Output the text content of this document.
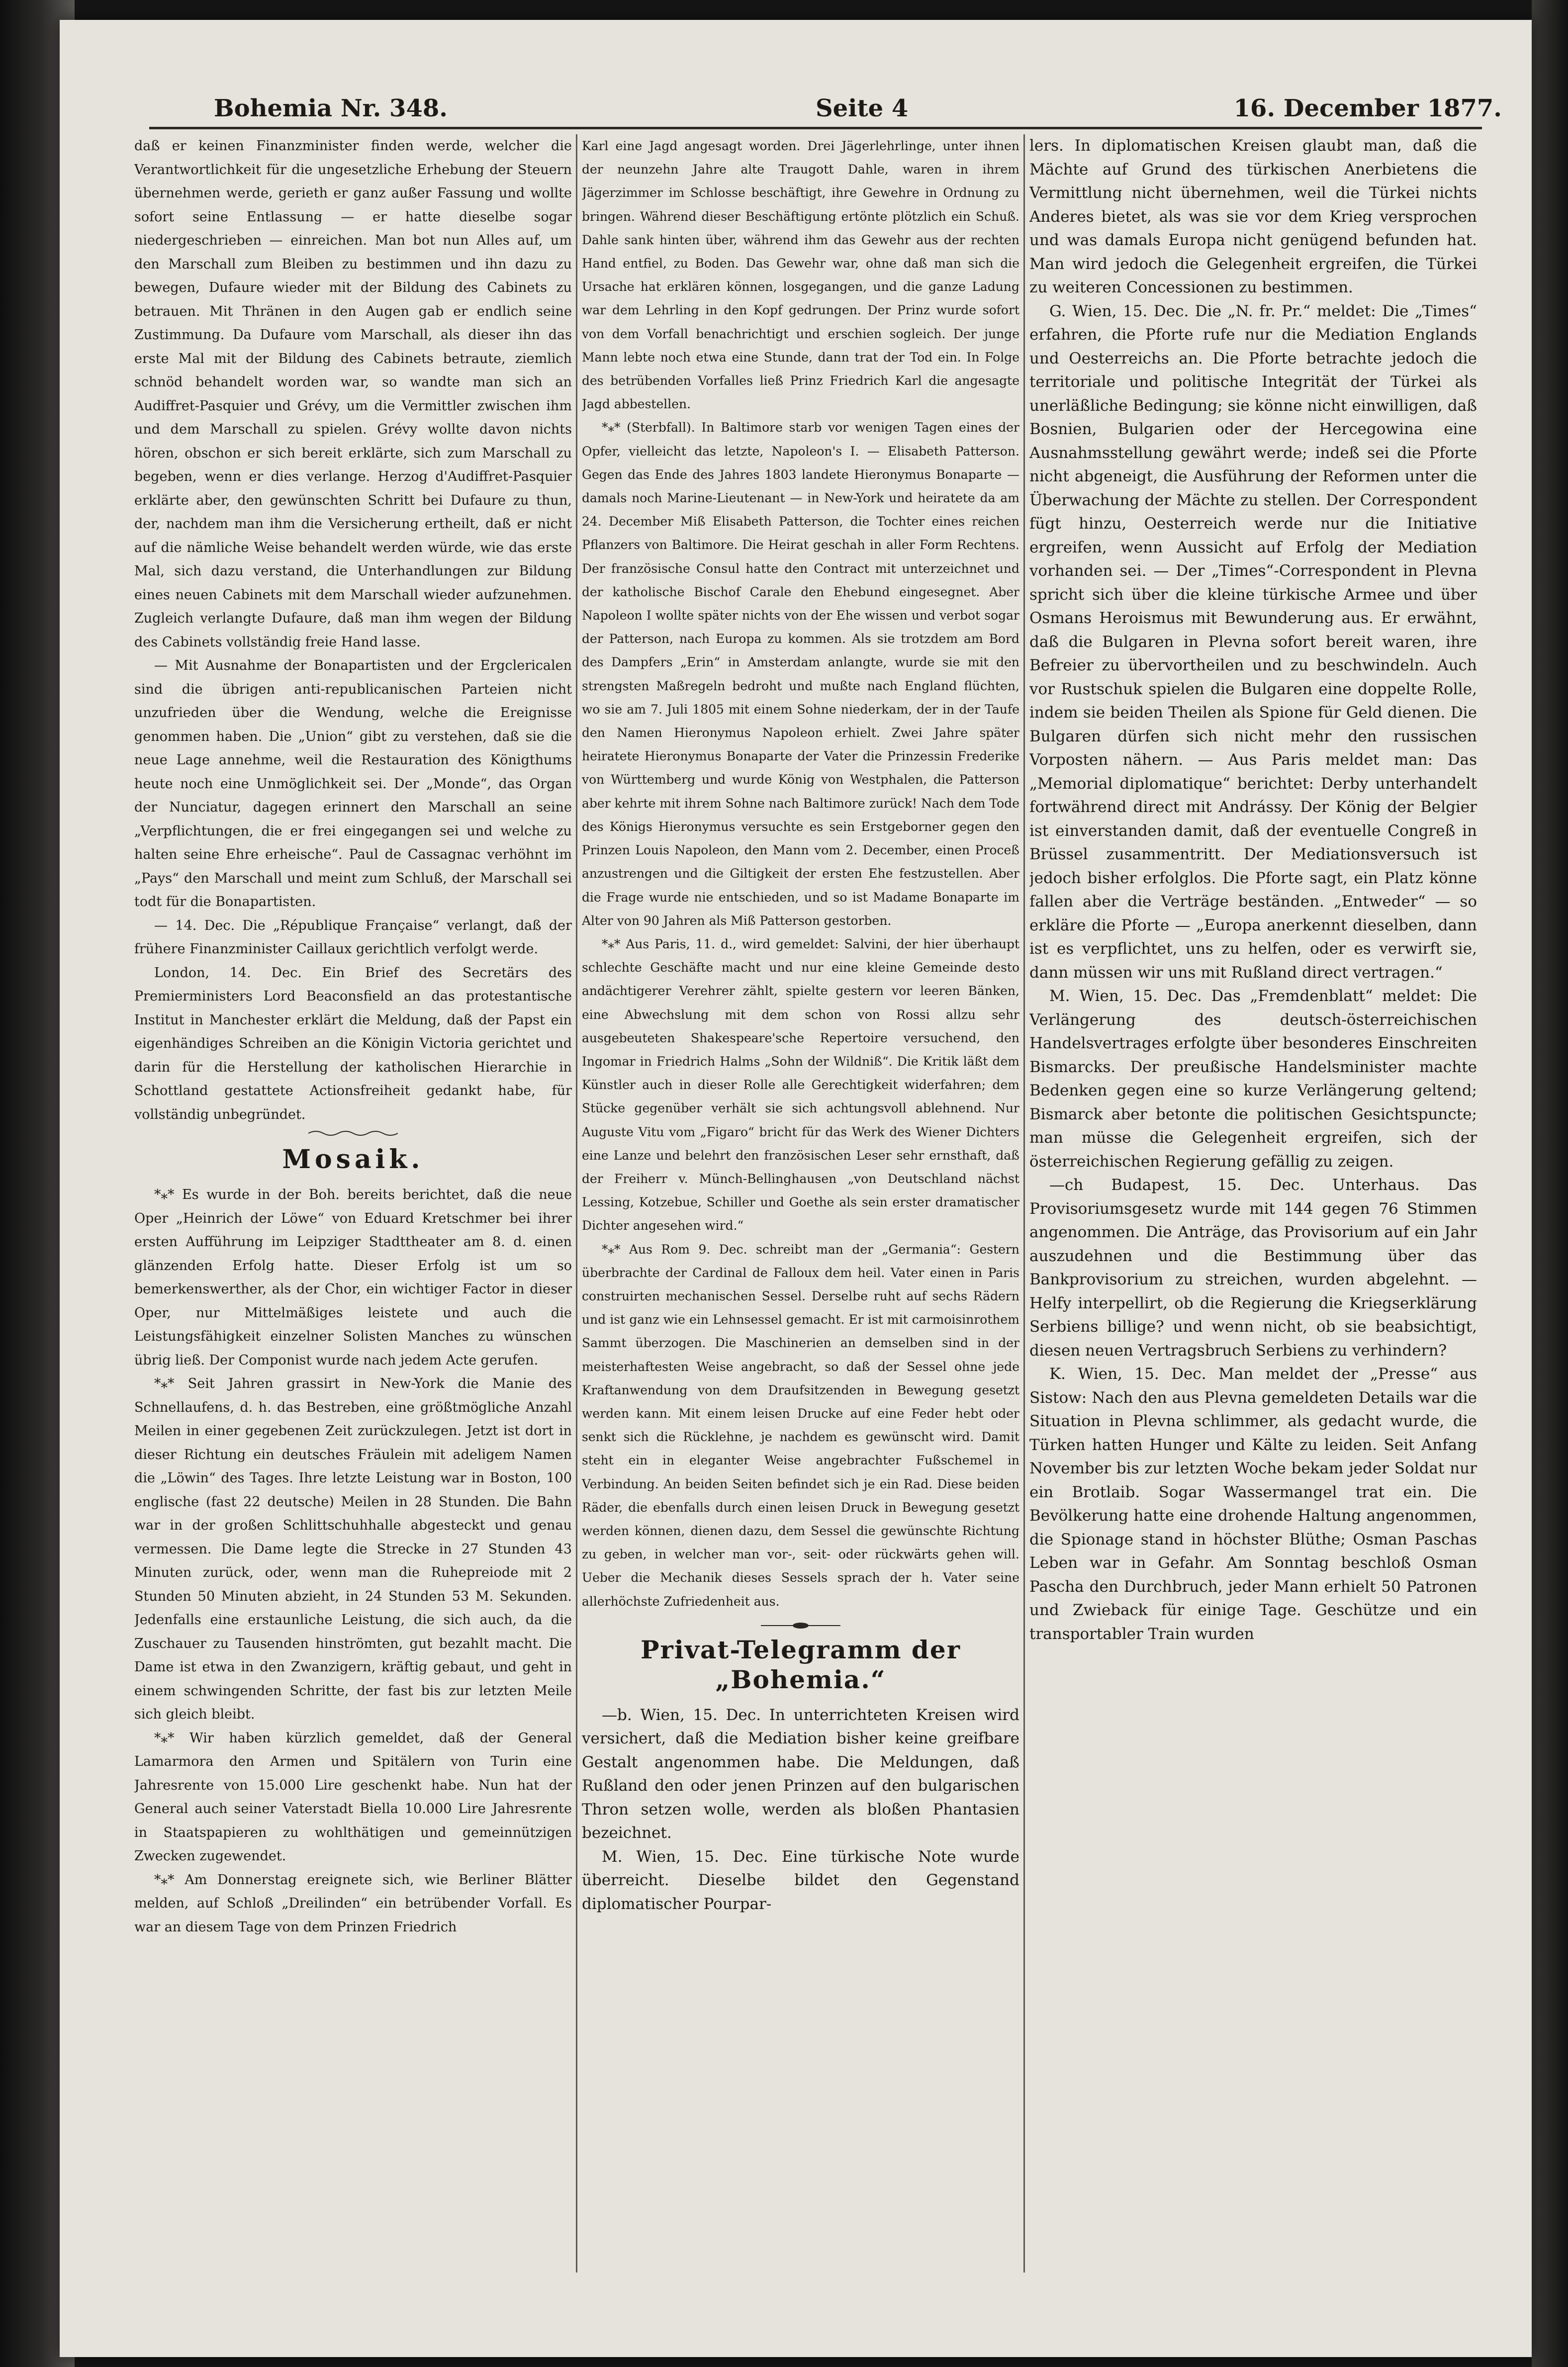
Bohemia Nr. 348.	Seite 4	16. December 1877.

daß er keinen Finanzminister finden werde, welcher die Verantwortlichkeit für die ungesetzliche Erhebung der Steuern übernehmen werde, gerieth er ganz außer Fassung und wollte sofort seine Entlassung — er hatte dieselbe sogar niedergeschrieben — einreichen. Man bot nun Alles auf, um den Marschall zum Bleiben zu bestimmen und ihn dazu zu bewegen, Dufaure wieder mit der Bildung des Cabinets zu betrauen. Mit Thränen in den Augen gab er endlich seine Zustimmung. Da Dufaure vom Marschall, als dieser ihn das erste Mal mit der Bildung des Cabinets betraute, ziemlich schnöd behandelt worden war, so wandte man sich an Audiffret-Pasquier und Grévy, um die Vermittler zwischen ihm und dem Marschall zu spielen. Grévy wollte davon nichts hören, obschon er sich bereit erklärte, sich zum Marschall zu begeben, wenn er dies verlange. Herzog d'Audiffret-Pasquier erklärte aber, den gewünschten Schritt bei Dufaure zu thun, der, nachdem man ihm die Versicherung ertheilt, daß er nicht auf die nämliche Weise behandelt werden würde, wie das erste Mal, sich dazu verstand, die Unterhandlungen zur Bildung eines neuen Cabinets mit dem Marschall wieder aufzunehmen. Zugleich verlangte Dufaure, daß man ihm wegen der Bildung des Cabinets vollständig freie Hand lasse.

— Mit Ausnahme der Bonapartisten und der Ergclericalen sind die übrigen anti-republicanischen Parteien nicht unzufrieden über die Wendung, welche die Ereignisse genommen haben. Die „Union“ gibt zu verstehen, daß sie die neue Lage annehme, weil die Restauration des Königthums heute noch eine Unmöglichkeit sei. Der „Monde“, das Organ der Nunciatur, dagegen erinnert den Marschall an seine „Verpflichtungen, die er frei eingegangen sei und welche zu halten seine Ehre erheische“. Paul de Cassagnac verhöhnt im „Pays“ den Marschall und meint zum Schluß, der Marschall sei todt für die Bonapartisten.

— 14. Dec. Die „République Française“ verlangt, daß der frühere Finanzminister Caillaux gerichtlich verfolgt werde.

London, 14. Dec. Ein Brief des Secretärs des Premierministers Lord Beaconsfield an das protestantische Institut in Manchester erklärt die Meldung, daß der Papst ein eigenhändiges Schreiben an die Königin Victoria gerichtet und darin für die Herstellung der katholischen Hierarchie in Schottland gestattete Actionsfreiheit gedankt habe, für vollständig unbegründet.

Mosaik.

*⁎* Es wurde in der Boh. bereits berichtet, daß die neue Oper „Heinrich der Löwe“ von Eduard Kretschmer bei ihrer ersten Aufführung im Leipziger Stadttheater am 8. d. einen glänzenden Erfolg hatte. Dieser Erfolg ist um so bemerkenswerther, als der Chor, ein wichtiger Factor in dieser Oper, nur Mittelmäßiges leistete und auch die Leistungsfähigkeit einzelner Solisten Manches zu wünschen übrig ließ. Der Componist wurde nach jedem Acte gerufen.

*⁎* Seit Jahren grassirt in New-York die Manie des Schnellaufens, d. h. das Bestreben, eine größtmögliche Anzahl Meilen in einer gegebenen Zeit zurückzulegen. Jetzt ist dort in dieser Richtung ein deutsches Fräulein mit adeligem Namen die „Löwin“ des Tages. Ihre letzte Leistung war in Boston, 100 englische (fast 22 deutsche) Meilen in 28 Stunden. Die Bahn war in der großen Schlittschuhhalle abgesteckt und genau vermessen. Die Dame legte die Strecke in 27 Stunden 43 Minuten zurück, oder, wenn man die Ruhepreiode mit 2 Stunden 50 Minuten abzieht, in 24 Stunden 53 M. Sekunden. Jedenfalls eine erstaunliche Leistung, die sich auch, da die Zuschauer zu Tausenden hinströmten, gut bezahlt macht. Die Dame ist etwa in den Zwanzigern, kräftig gebaut, und geht in einem schwingenden Schritte, der fast bis zur letzten Meile sich gleich bleibt.

*⁎* Wir haben kürzlich gemeldet, daß der General Lamarmora den Armen und Spitälern von Turin eine Jahresrente von 15.000 Lire geschenkt habe. Nun hat der General auch seiner Vaterstadt Biella 10.000 Lire Jahresrente in Staatspapieren zu wohlthätigen und gemeinnützigen Zwecken zugewendet.

*⁎* Am Donnerstag ereignete sich, wie Berliner Blätter melden, auf Schloß „Dreilinden“ ein betrübender Vorfall. Es war an diesem Tage von dem Prinzen Friedrich

Karl eine Jagd angesagt worden. Drei Jägerlehrlinge, unter ihnen der neunzehn Jahre alte Traugott Dahle, waren in ihrem Jägerzimmer im Schlosse beschäftigt, ihre Gewehre in Ordnung zu bringen. Während dieser Beschäftigung ertönte plötzlich ein Schuß. Dahle sank hinten über, während ihm das Gewehr aus der rechten Hand entfiel, zu Boden. Das Gewehr war, ohne daß man sich die Ursache hat erklären können, losgegangen, und die ganze Ladung war dem Lehrling in den Kopf gedrungen. Der Prinz wurde sofort von dem Vorfall benachrichtigt und erschien sogleich. Der junge Mann lebte noch etwa eine Stunde, dann trat der Tod ein. In Folge des betrübenden Vorfalles ließ Prinz Friedrich Karl die angesagte Jagd abbestellen.

*⁎* (Sterbfall). In Baltimore starb vor wenigen Tagen eines der Opfer, vielleicht das letzte, Napoleon's I. — Elisabeth Patterson. Gegen das Ende des Jahres 1803 landete Hieronymus Bonaparte — damals noch Marine-Lieutenant — in New-York und heiratete da am 24. December Miß Elisabeth Patterson, die Tochter eines reichen Pflanzers von Baltimore. Die Heirat geschah in aller Form Rechtens. Der französische Consul hatte den Contract mit unterzeichnet und der katholische Bischof Carale den Ehebund eingesegnet. Aber Napoleon I wollte später nichts von der Ehe wissen und verbot sogar der Patterson, nach Europa zu kommen. Als sie trotzdem am Bord des Dampfers „Erin“ in Amsterdam anlangte, wurde sie mit den strengsten Maßregeln bedroht und mußte nach England flüchten, wo sie am 7. Juli 1805 mit einem Sohne niederkam, der in der Taufe den Namen Hieronymus Napoleon erhielt. Zwei Jahre später heiratete Hieronymus Bonaparte der Vater die Prinzessin Frederike von Württemberg und wurde König von Westphalen, die Patterson aber kehrte mit ihrem Sohne nach Baltimore zurück! Nach dem Tode des Königs Hieronymus versuchte es sein Erstgeborner gegen den Prinzen Louis Napoleon, den Mann vom 2. December, einen Proceß anzustrengen und die Giltigkeit der ersten Ehe festzustellen. Aber die Frage wurde nie entschieden, und so ist Madame Bonaparte im Alter von 90 Jahren als Miß Patterson gestorben.

*⁎* Aus Paris, 11. d., wird gemeldet: Salvini, der hier überhaupt schlechte Geschäfte macht und nur eine kleine Gemeinde desto andächtigerer Verehrer zählt, spielte gestern vor leeren Bänken, eine Abwechslung mit dem schon von Rossi allzu sehr ausgebeuteten Shakespeare'sche Repertoire versuchend, den Ingomar in Friedrich Halms „Sohn der Wildniß“. Die Kritik läßt dem Künstler auch in dieser Rolle alle Gerechtigkeit widerfahren; dem Stücke gegenüber verhält sie sich achtungsvoll ablehnend. Nur Auguste Vitu vom „Figaro“ bricht für das Werk des Wiener Dichters eine Lanze und belehrt den französischen Leser sehr ernsthaft, daß der Freiherr v. Münch-Bellinghausen „von Deutschland nächst Lessing, Kotzebue, Schiller und Goethe als sein erster dramatischer Dichter angesehen wird.“

*⁎* Aus Rom 9. Dec. schreibt man der „Germania“: Gestern überbrachte der Cardinal de Falloux dem heil. Vater einen in Paris construirten mechanischen Sessel. Derselbe ruht auf sechs Rädern und ist ganz wie ein Lehnsessel gemacht. Er ist mit carmoisinrothem Sammt überzogen. Die Maschinerien an demselben sind in der meisterhaftesten Weise angebracht, so daß der Sessel ohne jede Kraftanwendung von dem Draufsitzenden in Bewegung gesetzt werden kann. Mit einem leisen Drucke auf eine Feder hebt oder senkt sich die Rücklehne, je nachdem es gewünscht wird. Damit steht ein in eleganter Weise angebrachter Fußschemel in Verbindung. An beiden Seiten befindet sich je ein Rad. Diese beiden Räder, die ebenfalls durch einen leisen Druck in Bewegung gesetzt werden können, dienen dazu, dem Sessel die gewünschte Richtung zu geben, in welcher man vor-, seit- oder rückwärts gehen will. Ueber die Mechanik dieses Sessels sprach der h. Vater seine allerhöchste Zufriedenheit aus.

Privat-Telegramm der „Bohemia.“

—b. Wien, 15. Dec. In unterrichteten Kreisen wird versichert, daß die Mediation bisher keine greifbare Gestalt angenommen habe. Die Meldungen, daß Rußland den oder jenen Prinzen auf den bulgarischen Thron setzen wolle, werden als bloßen Phantasien bezeichnet.

M. Wien, 15. Dec. Eine türkische Note wurde überreicht. Dieselbe bildet den Gegenstand diplomatischer Pourpar-

lers. In diplomatischen Kreisen glaubt man, daß die Mächte auf Grund des türkischen Anerbietens die Vermittlung nicht übernehmen, weil die Türkei nichts Anderes bietet, als was sie vor dem Krieg versprochen und was damals Europa nicht genügend befunden hat. Man wird jedoch die Gelegenheit ergreifen, die Türkei zu weiteren Concessionen zu bestimmen.

G. Wien, 15. Dec. Die „N. fr. Pr.“ meldet: Die „Times“ erfahren, die Pforte rufe nur die Mediation Englands und Oesterreichs an. Die Pforte betrachte jedoch die territoriale und politische Integrität der Türkei als unerläßliche Bedingung; sie könne nicht einwilligen, daß Bosnien, Bulgarien oder der Hercegowina eine Ausnahmsstellung gewährt werde; indeß sei die Pforte nicht abgeneigt, die Ausführung der Reformen unter die Überwachung der Mächte zu stellen. Der Correspondent fügt hinzu, Oesterreich werde nur die Initiative ergreifen, wenn Aussicht auf Erfolg der Mediation vorhanden sei. — Der „Times“-Correspondent in Plevna spricht sich über die kleine türkische Armee und über Osmans Heroismus mit Bewunderung aus. Er erwähnt, daß die Bulgaren in Plevna sofort bereit waren, ihre Befreier zu übervortheilen und zu beschwindeln. Auch vor Rustschuk spielen die Bulgaren eine doppelte Rolle, indem sie beiden Theilen als Spione für Geld dienen. Die Bulgaren dürfen sich nicht mehr den russischen Vorposten nähern. — Aus Paris meldet man: Das „Memorial diplomatique“ berichtet: Derby unterhandelt fortwährend direct mit Andrássy. Der König der Belgier ist einverstanden damit, daß der eventuelle Congreß in Brüssel zusammentritt. Der Mediationsversuch ist jedoch bisher erfolglos. Die Pforte sagt, ein Platz könne fallen aber die Verträge beständen. „Entweder“ — so erkläre die Pforte — „Europa anerkennt dieselben, dann ist es verpflichtet, uns zu helfen, oder es verwirft sie, dann müssen wir uns mit Rußland direct vertragen.“

M. Wien, 15. Dec. Das „Fremdenblatt“ meldet: Die Verlängerung des deutsch-österreichischen Handelsvertrages erfolgte über besonderes Einschreiten Bismarcks. Der preußische Handelsminister machte Bedenken gegen eine so kurze Verlängerung geltend; Bismarck aber betonte die politischen Gesichtspuncte; man müsse die Gelegenheit ergreifen, sich der österreichischen Regierung gefällig zu zeigen.

—ch Budapest, 15. Dec. Unterhaus. Das Provisoriumsgesetz wurde mit 144 gegen 76 Stimmen angenommen. Die Anträge, das Provisorium auf ein Jahr auszudehnen und die Bestimmung über das Bankprovisorium zu streichen, wurden abgelehnt. — Helfy interpellirt, ob die Regierung die Kriegserklärung Serbiens billige? und wenn nicht, ob sie beabsichtigt, diesen neuen Vertragsbruch Serbiens zu verhindern?

K. Wien, 15. Dec. Man meldet der „Presse“ aus Sistow: Nach den aus Plevna gemeldeten Details war die Situation in Plevna schlimmer, als gedacht wurde, die Türken hatten Hunger und Kälte zu leiden. Seit Anfang November bis zur letzten Woche bekam jeder Soldat nur ein Brotlaib. Sogar Wassermangel trat ein. Die Bevölkerung hatte eine drohende Haltung angenommen, die Spionage stand in höchster Blüthe; Osman Paschas Leben war in Gefahr. Am Sonntag beschloß Osman Pascha den Durchbruch, jeder Mann erhielt 50 Patronen und Zwieback für einige Tage. Geschütze und ein transportabler Train wurden
